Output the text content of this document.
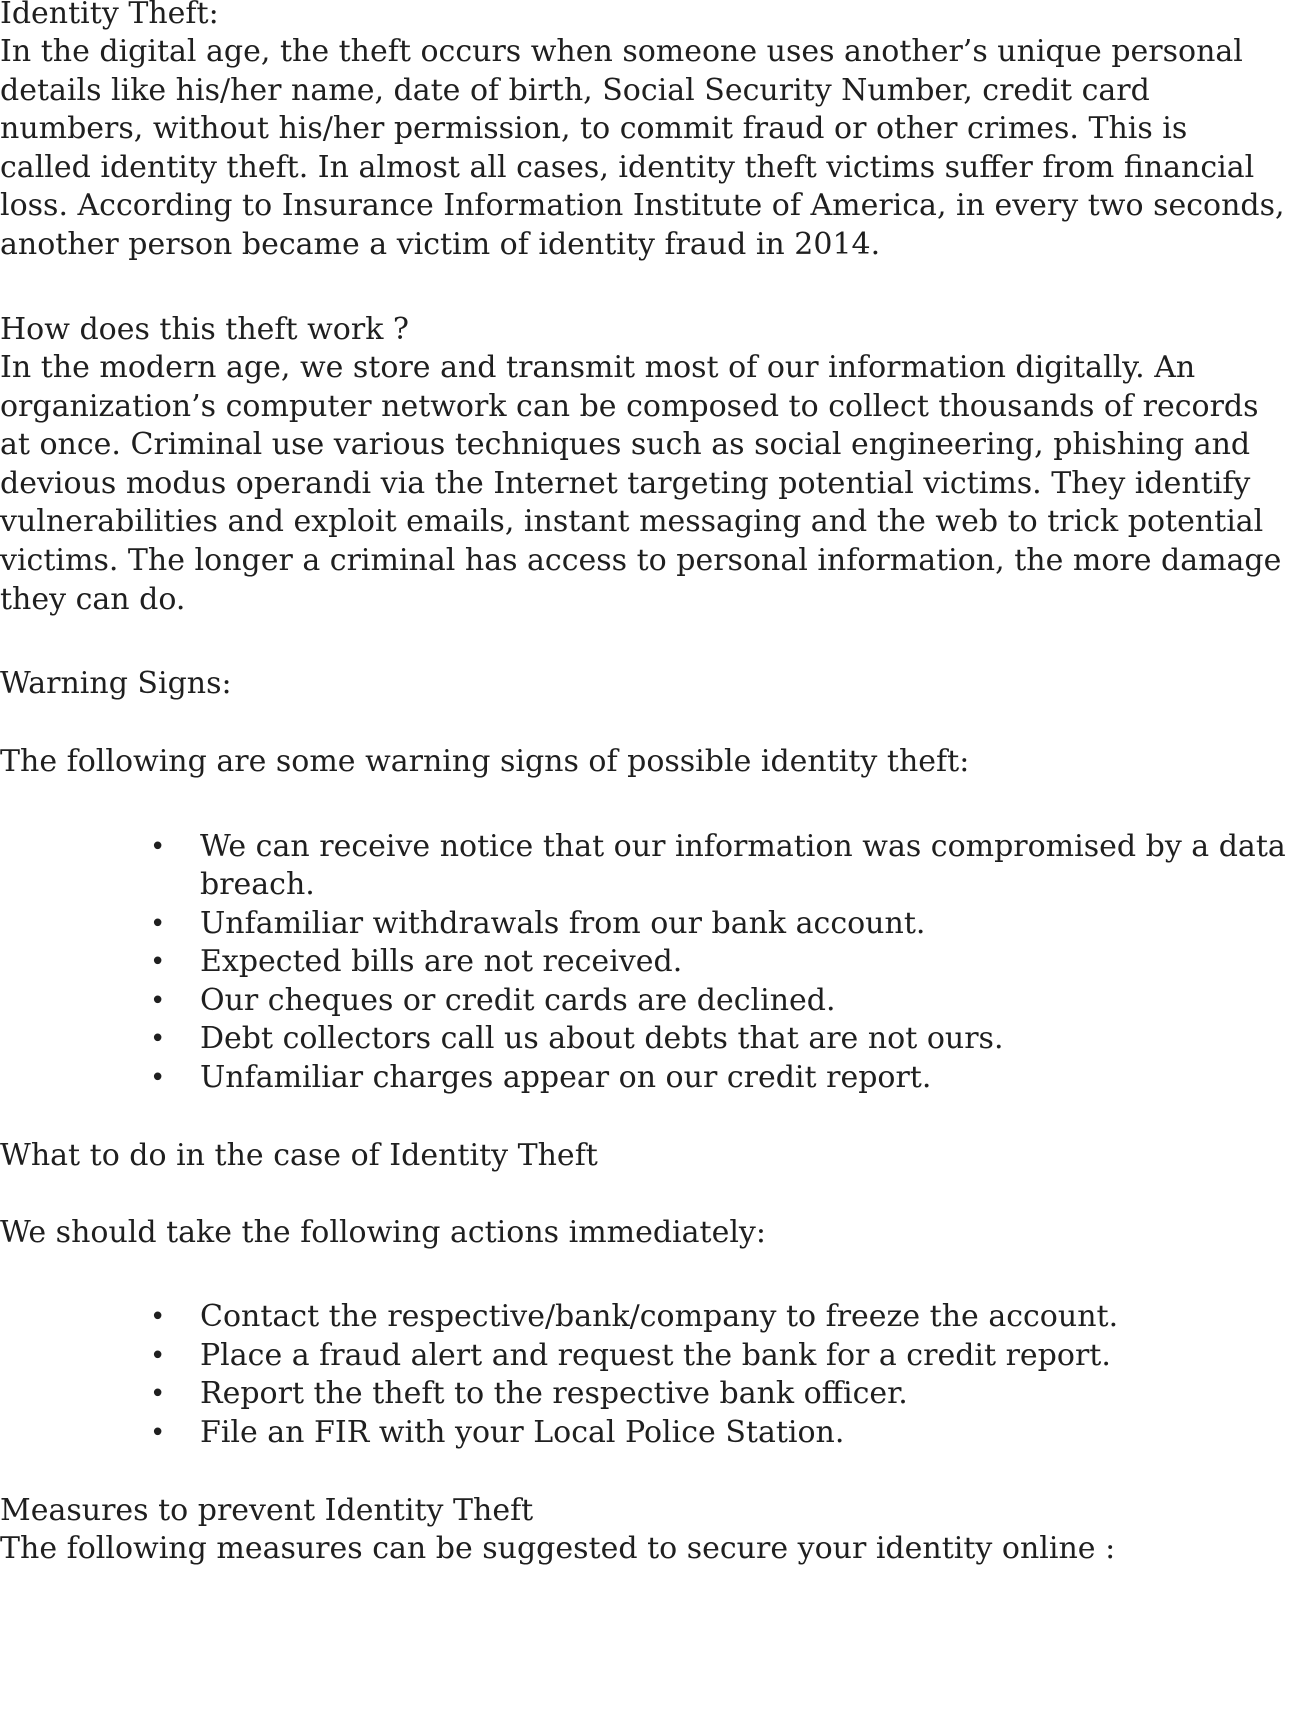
Identity Theft:

In the digital age, the theft occurs when someone uses another’s unique personal

details like his/her name, date of birth, Social Security Number, credit card

numbers, without his/her permission, to commit fraud or other crimes. This is

called identity theft. In almost all cases, identity theft victims suffer from financial

loss. According to Insurance Information Institute of America, in every two seconds,

another person became a victim of identity fraud in 2014.

How does this theft work ?

In the modern age, we store and transmit most of our information digitally. An

organization’s computer network can be composed to collect thousands of records

at once. Criminal use various techniques such as social engineering, phishing and

devious modus operandi via the Internet targeting potential victims. They identify

vulnerabilities and exploit emails, instant messaging and the web to trick potential

victims. The longer a criminal has access to personal information, the more damage

they can do.

Warning Signs:

The following are some warning signs of possible identity theft:

• We can receive notice that our information was compromised by a data
breach.
• Unfamiliar withdrawals from our bank account.
• Expected bills are not received.
• Our cheques or credit cards are declined.
• Debt collectors call us about debts that are not ours.
• Unfamiliar charges appear on our credit report.

What to do in the case of Identity Theft

We should take the following actions immediately:

• Contact the respective/bank/company to freeze the account.
• Place a fraud alert and request the bank for a credit report.
• Report the theft to the respective bank officer.
• File an FIR with your Local Police Station.

Measures to prevent Identity Theft

The following measures can be suggested to secure your identity online :
